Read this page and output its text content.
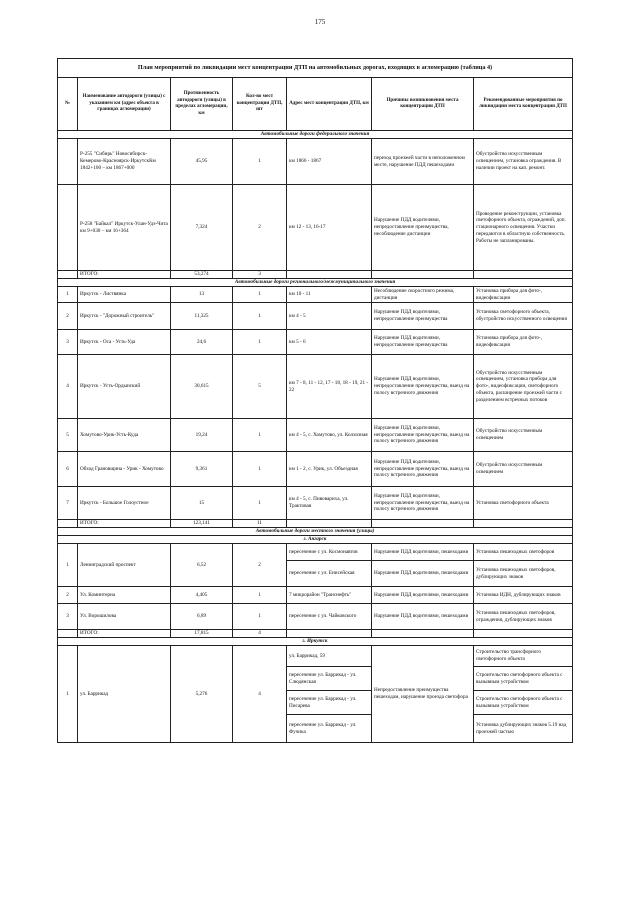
175
План мероприятий по ликвидации мест концентрации ДТП на автомобильных дорогах, входящих в агломерацию (таблица 4)						
№	Наименование автодороги (улицы) с указанием км (адрес объекта в границах агломерации)	Протяженность автодороги (улицы) в пределах агломерации, км	Кол-во мест концентрации ДТП, шт	Адрес мест концентрации ДТП, км	Причины возникновения места концентрации ДТП	Рекомендованные мероприятия по ликвидации места концентрации ДТП
Автомобильные дороги федерального значения						
	Р-255 "Сибирь" Новосибирск-Кемерово-Красноярск-ИркутскКм 1842+100 – км 1867+000	45,95	1	км 1866 - 1867	переход проезжей части в неположенном месте, нарушение ПДД пешеходами	Обустройство искусственным освещением, установка ограждения. В наличии проект на кап. ремонт.
	Р-258 "Байкал" Иркутск-Улан-Удэ-Чита км 9+030 – км 16+364	7,324	2	км 12 - 13, 16-17	Нарушение ПДД водителями, непредоставление преимущества, несоблюдение дистанции	Проведение реконструкции, установка светофорного объекта, ограждений, доп. стационарного освещения. Участки передаются в областную собственность. Работы не запланированы.
	ИТОГО:	53,274	3			
Автомобильные дороги регионального/межмуниципального значения						
1	Иркутск - Листвянка	13	1	км 10 - 11	Несоблюдение скоростного режима, дистанции	Установка прибора для фото-, видеофиксации
2	Иркутск - "Дорожный строитель"	11,325	1	км 4 - 5	Нарушение ПДД водителями, непредоставление преимущества	Установка светофорного объекта, обустройство искусственного освещения
3	Иркутск - Оса - Усть-Уда	24,6	1	км 5 - 6	Нарушение ПДД водителями, непредоставление преимущества	Установка прибора для фото-, видеофиксации
4	Иркутск - Усть-Ордынский	30,615	5	км 7 - 8, 11 - 12, 17 - 18, 18 - 19, 21 - 22	Нарушение ПДД водителями, непредоставление преимущества, выезд на полосу встречного движения	Обустройство искусственным освещением, установка прибора для фото-, видеофиксации, светофорного объекта, расширение проезжей части с разделением встречных потоков
5	Хомутово-Урик-Усть-Куда	19,24	1	км 4 - 5, с. Хомутово, ул. Колхозная	Нарушение ПДД водителями, непредоставление преимущества, выезд на полосу встречного движения	Обустройство искусственным освещением
6	Обход Грановщина - Урик - Хомутово	9,361	1	км 1 - 2, с. Урик, ул. Объездная	Нарушение ПДД водителями, непредоставление преимущества, выезд на полосу встречного движения	Обустройство искусственным освещением
7	Иркутск - Большое Голоустное	15	1	км 4 - 5, с. Пивовариха, ул. Трактовая	Нарушение ПДД водителями, непредоставление преимущества, выезд на полосу встречного движения	Установка светофорного объекта
	ИТОГО:	123,141	11			
Автомобильные дороги местного значения (улицы)						
г. Ангарск						
1	Ленинградский проспект	6,52	2	пересечение с ул. Космонавтов	Нарушение ПДД водителями, пешеходами	Установка пешеходных светофоров
				пересечение с ул. Енисейская	Нарушение ПДД водителями, пешеходами	Установка пешеходных светофоров, дублирующих знаков
2	Ул. Коминтерна	4,405	1	7 микрорайон "Транснефть"	Нарушение ПДД водителями, пешеходами	Установка ИДН, дублирующих знаков
3	Ул. Ворошилова	6,89	1	пересечение с ул. Чайковского	Нарушение ПДД водителями, пешеходами	Установка пешеходных светофоров, ограждения, дублирующих знаков
	ИТОГО:	17,815	4			
г. Иркутск						
1	ул. Баррикад	5,276	4	ул. Баррикад, 59	Непредоставление преимущества пешеходам, нарушение проезда светофора	Строительство трансфорного светофорного объекта
				пересечение ул. Баррикад - ул. Слюдянская		Строительство светофорного объекта с вызывным устройством
				пересечение ул. Баррикад - ул. Писарева		Строительство светофорного объекта с вызывным устройством
				пересечение ул. Баррикад - ул. Фучика		Установка дублирующих знаков 5.19 над проезжей частью
